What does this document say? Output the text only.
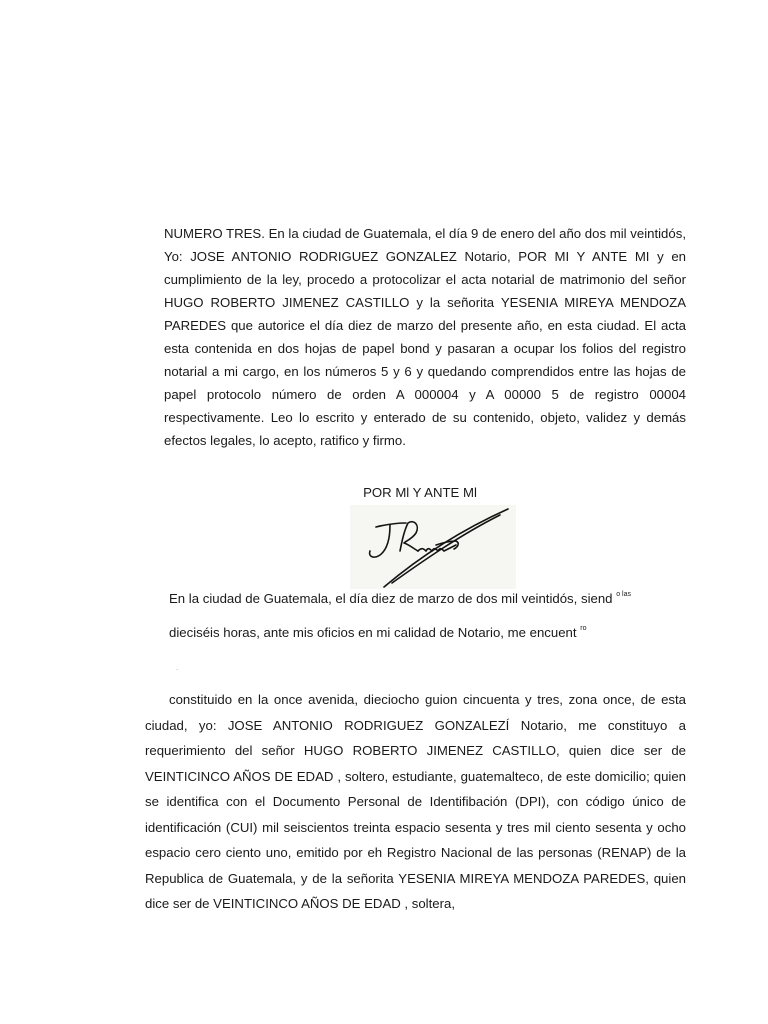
NUMERO TRES. En la ciudad de Guatemala, el día 9 de enero del año dos mil veintidós, Yo: JOSE ANTONIO RODRIGUEZ GONZALEZ Notario, POR MI Y ANTE MI y en cumplimiento de la ley, procedo a protocolizar el acta notarial de matrimonio del señor HUGO ROBERTO JIMENEZ CASTILLO y la señorita YESENIA MIREYA MENDOZA PAREDES que autorice el día diez de marzo del presente año, en esta ciudad. El acta esta contenida en dos hojas de papel bond y pasaran a ocupar los folios del registro notarial a mi cargo, en los números 5 y 6 y quedando comprendidos entre las hojas de papel protocolo número de orden A 000004 y A 00000 5 de registro 00004 respectivamente. Leo lo escrito y enterado de su contenido, objeto, validez y demás efectos legales, lo acepto, ratifico y firmo.
POR Ml Y ANTE Ml
En la ciudad de Guatemala, el día diez de marzo de dos mil veintidós, siend $^{o las}$
dieciséis horas, ante mis oficios en mi calidad de Notario, me encuent $^{ro}$
.
constituido en la once avenida, dieciocho guion cincuenta y tres, zona once, de esta ciudad, yo: JOSE ANTONIO RODRIGUEZ GONZALEZÍ Notario, me constituyo a requerimiento del señor HUGO ROBERTO JIMENEZ CASTILLO, quien dice ser de VEINTICINCO AÑOS DE EDAD , soltero, estudiante, guatemalteco, de este domicilio; quien se identifica con el Documento Personal de Identifibación (DPI), con código único de identificación (CUI) mil seiscientos treinta espacio sesenta y tres mil ciento sesenta y ocho espacio cero ciento uno, emitido por eh Registro Nacional de las personas (RENAP) de la Republica de Guatemala, y de la señorita YESENIA MIREYA MENDOZA PAREDES, quien dice ser de VEINTICINCO AÑOS DE EDAD , soltera,
